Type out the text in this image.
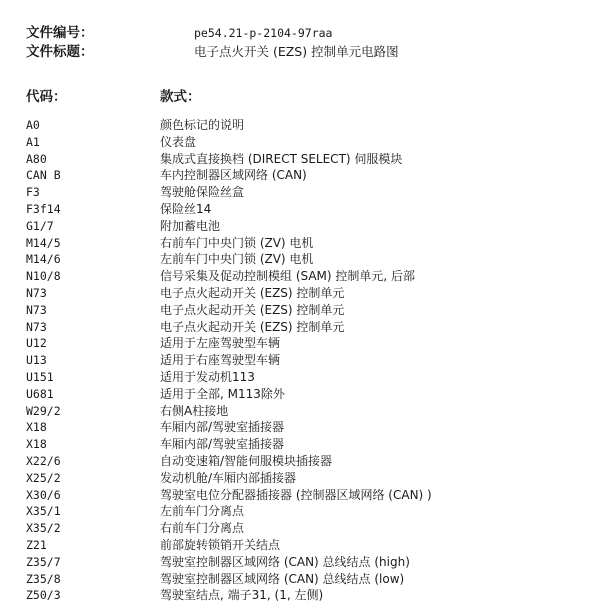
文件编号：	pe54.21-p-2104-97raa
文件标题：	电子点火开关 (EZS) 控制单元电路图
代码：	款式：
A0	颜色标记的说明
A1	仪表盘
A80	集成式直接换档 (DIRECT SELECT) 伺服模块
CAN B	车内控制器区域网络 (CAN)
F3	驾驶舱保险丝盒
F3f14	保险丝14
G1/7	附加蓄电池
M14/5	右前车门中央门锁 (ZV) 电机
M14/6	左前车门中央门锁 (ZV) 电机
N10/8	信号采集及促动控制模组 (SAM) 控制单元, 后部
N73	电子点火起动开关 (EZS) 控制单元
N73	电子点火起动开关 (EZS) 控制单元
N73	电子点火起动开关 (EZS) 控制单元
U12	适用于左座驾驶型车辆
U13	适用于右座驾驶型车辆
U151	适用于发动机113
U681	适用于全部, M113除外
W29/2	右侧A柱接地
X18	车厢内部/驾驶室插接器
X18	车厢内部/驾驶室插接器
X22/6	自动变速箱/智能伺服模块插接器
X25/2	发动机舱/车厢内部插接器
X30/6	驾驶室电位分配器插接器 (控制器区域网络 (CAN) )
X35/1	左前车门分离点
X35/2	右前车门分离点
Z21	前部旋转锁销开关结点
Z35/7	驾驶室控制器区域网络 (CAN) 总线结点 (high)
Z35/8	驾驶室控制器区域网络 (CAN) 总线结点 (low)
Z50/3	驾驶室结点, 端子31, (1, 左侧)
